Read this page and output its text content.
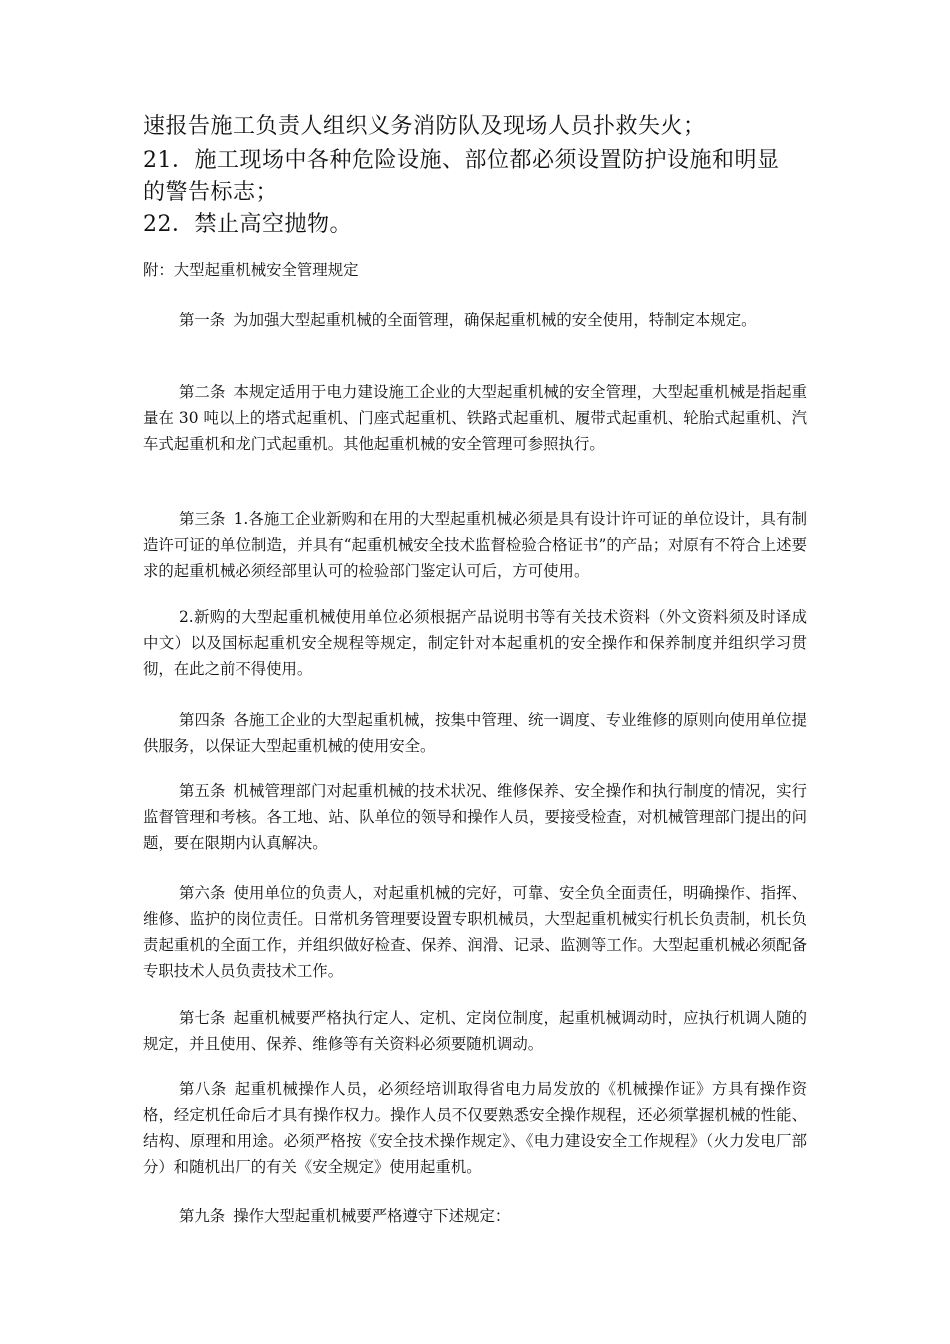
速报告施工负责人组织义务消防队及现场人员扑救失火；
21．施工现场中各种危险设施、部位都必须设置防护设施和明显
的警告标志；
22．禁止高空抛物。
附：大型起重机械安全管理规定

第一条 为加强大型起重机械的全面管理，确保起重机械的安全使用，特制定本规定。

第二条 本规定适用于电力建设施工企业的大型起重机械的安全管理，大型起重机械是指起重量在 30 吨以上的塔式起重机、门座式起重机、铁路式起重机、履带式起重机、轮胎式起重机、汽车式起重机和龙门式起重机。其他起重机械的安全管理可参照执行。

第三条 1.各施工企业新购和在用的大型起重机械必须是具有设计许可证的单位设计，具有制造许可证的单位制造，并具有“起重机械安全技术监督检验合格证书”的产品；对原有不符合上述要求的起重机械必须经部里认可的检验部门鉴定认可后，方可使用。

2.新购的大型起重机械使用单位必须根据产品说明书等有关技术资料（外文资料须及时译成中文）以及国标起重机安全规程等规定，制定针对本起重机的安全操作和保养制度并组织学习贯彻，在此之前不得使用。

第四条 各施工企业的大型起重机械，按集中管理、统一调度、专业维修的原则向使用单位提供服务，以保证大型起重机械的使用安全。

第五条 机械管理部门对起重机械的技术状况、维修保养、安全操作和执行制度的情况，实行监督管理和考核。各工地、站、队单位的领导和操作人员，要接受检查，对机械管理部门提出的问题，要在限期内认真解决。

第六条 使用单位的负责人，对起重机械的完好，可靠、安全负全面责任，明确操作、指挥、维修、监护的岗位责任。日常机务管理要设置专职机械员，大型起重机械实行机长负责制，机长负责起重机的全面工作，并组织做好检查、保养、润滑、记录、监测等工作。大型起重机械必须配备专职技术人员负责技术工作。

第七条 起重机械要严格执行定人、定机、定岗位制度，起重机械调动时，应执行机调人随的规定，并且使用、保养、维修等有关资料必须要随机调动。

第八条 起重机械操作人员，必须经培训取得省电力局发放的《机械操作证》方具有操作资格，经定机任命后才具有操作权力。操作人员不仅要熟悉安全操作规程，还必须掌握机械的性能、结构、原理和用途。必须严格按《安全技术操作规定》、《电力建设安全工作规程》（火力发电厂部分）和随机出厂的有关《安全规定》使用起重机。

第九条 操作大型起重机械要严格遵守下述规定：
